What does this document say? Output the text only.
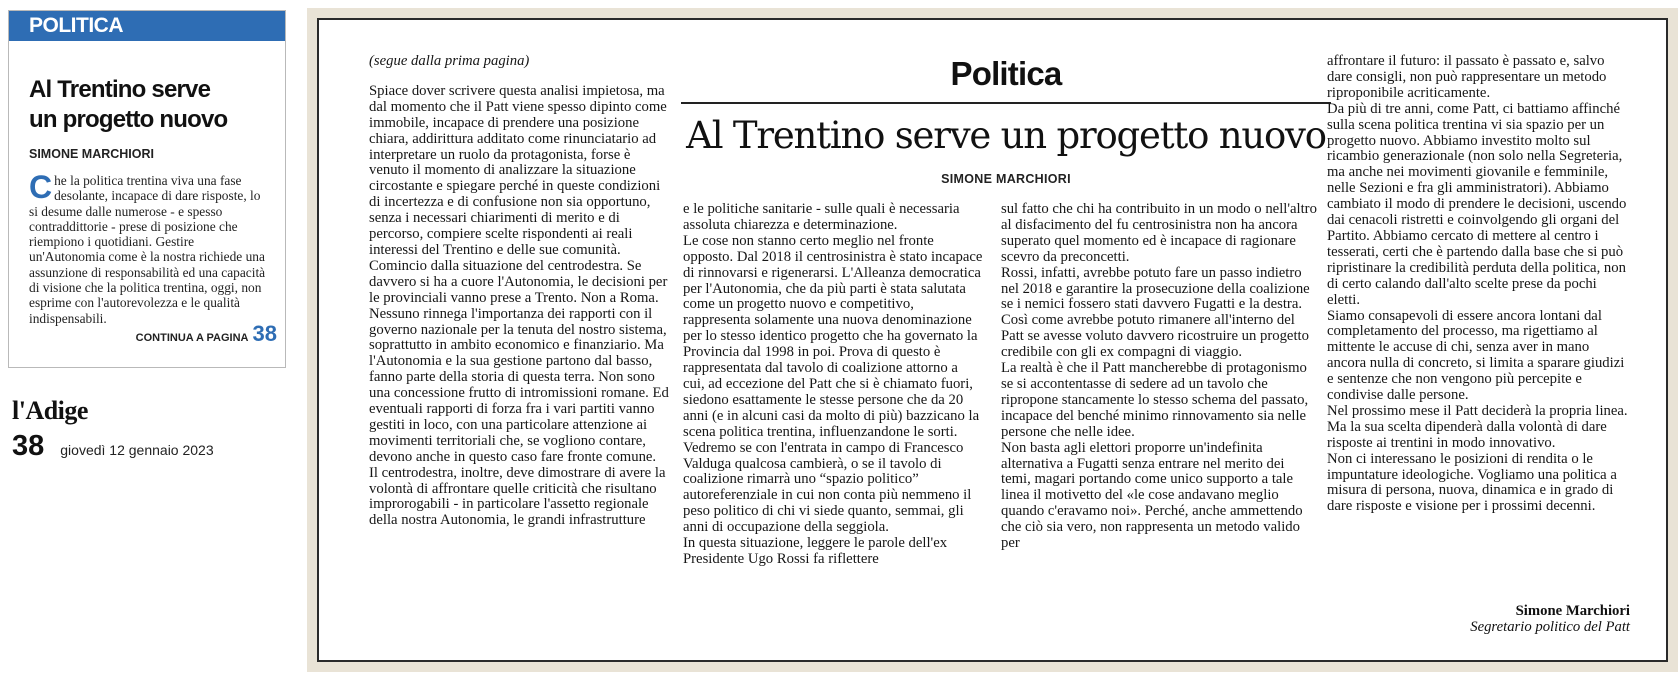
POLITICA
Al Trentino serve
un progetto nuovo
SIMONE MARCHIORI
Che la politica trentina viva una fase desolante, incapace di dare risposte, lo si desume dalle numerose - e spesso contraddittorie - prese di posizione che riempiono i quotidiani. Gestire un'Autonomia come è la nostra richiede una assunzione di responsabilità ed una capacità di visione che la politica trentina, oggi, non esprime con l'autorevolezza e le qualità indispensabili.
CONTINUA A PAGINA 38
l'Adige
38 giovedì 12 gennaio 2023

(segue dalla prima pagina)

Spiace dover scrivere questa analisi impietosa, ma dal momento che il Patt viene spesso dipinto come immobile, incapace di prendere una posizione chiara, addirittura additato come rinunciatario ad interpretare un ruolo da protagonista, forse è venuto il momento di analizzare la situazione circostante e spiegare perché in queste condizioni di incertezza e di confusione non sia opportuno, senza i necessari chiarimenti di merito e di percorso, compiere scelte rispondenti ai reali interessi del Trentino e delle sue comunità.

Comincio dalla situazione del centrodestra. Se davvero si ha a cuore l'Autonomia, le decisioni per le provinciali vanno prese a Trento. Non a Roma. Nessuno rinnega l'importanza dei rapporti con il governo nazionale per la tenuta del nostro sistema, soprattutto in ambito economico e finanziario. Ma l'Autonomia e la sua gestione partono dal basso, fanno parte della storia di questa terra. Non sono una concessione frutto di intromissioni romane. Ed eventuali rapporti di forza fra i vari partiti vanno gestiti in loco, con una particolare attenzione ai movimenti territoriali che, se vogliono contare, devono anche in questo caso fare fronte comune.

Il centrodestra, inoltre, deve dimostrare di avere la volontà di affrontare quelle criticità che risultano improrogabili - in particolare l'assetto regionale della nostra Autonomia, le grandi infrastrutture

Politica
Al Trentino serve un progetto nuovo
SIMONE MARCHIORI

e le politiche sanitarie - sulle quali è necessaria assoluta chiarezza e determinazione.

Le cose non stanno certo meglio nel fronte opposto. Dal 2018 il centrosinistra è stato incapace di rinnovarsi e rigenerarsi. L'Alleanza democratica per l'Autonomia, che da più parti è stata salutata come un progetto nuovo e competitivo, rappresenta solamente una nuova denominazione per lo stesso identico progetto che ha governato la Provincia dal 1998 in poi. Prova di questo è rappresentata dal tavolo di coalizione attorno a cui, ad eccezione del Patt che si è chiamato fuori, siedono esattamente le stesse persone che da 20 anni (e in alcuni casi da molto di più) bazzicano la scena politica trentina, influenzandone le sorti. Vedremo se con l'entrata in campo di Francesco Valduga qualcosa cambierà, o se il tavolo di coalizione rimarrà uno “spazio politico” autoreferenziale in cui non conta più nemmeno il peso politico di chi vi siede quanto, semmai, gli anni di occupazione della seggiola.

In questa situazione, leggere le parole dell'ex Presidente Ugo Rossi fa riflettere

sul fatto che chi ha contribuito in un modo o nell'altro al disfacimento del fu centrosinistra non ha ancora superato quel momento ed è incapace di ragionare scevro da preconcetti.

Rossi, infatti, avrebbe potuto fare un passo indietro nel 2018 e garantire la prosecuzione della coalizione se i nemici fossero stati davvero Fugatti e la destra. Così come avrebbe potuto rimanere all'interno del Patt se avesse voluto davvero ricostruire un progetto credibile con gli ex compagni di viaggio.

La realtà è che il Patt mancherebbe di protagonismo se si accontentasse di sedere ad un tavolo che ripropone stancamente lo stesso schema del passato, incapace del benché minimo rinnovamento sia nelle persone che nelle idee.

Non basta agli elettori proporre un'indefinita alternativa a Fugatti senza entrare nel merito dei temi, magari portando come unico supporto a tale linea il motivetto del «le cose andavano meglio quando c'eravamo noi». Perché, anche ammettendo che ciò sia vero, non rappresenta un metodo valido per

affrontare il futuro: il passato è passato e, salvo dare consigli, non può rappresentare un metodo riproponibile acriticamente.

Da più di tre anni, come Patt, ci battiamo affinché sulla scena politica trentina vi sia spazio per un progetto nuovo. Abbiamo investito molto sul ricambio generazionale (non solo nella Segreteria, ma anche nei movimenti giovanile e femminile, nelle Sezioni e fra gli amministratori). Abbiamo cambiato il modo di prendere le decisioni, uscendo dai cenacoli ristretti e coinvolgendo gli organi del Partito. Abbiamo cercato di mettere al centro i tesserati, certi che è partendo dalla base che si può ripristinare la credibilità perduta della politica, non di certo calando dall'alto scelte prese da pochi eletti.

Siamo consapevoli di essere ancora lontani dal completamento del processo, ma rigettiamo al mittente le accuse di chi, senza aver in mano ancora nulla di concreto, si limita a sparare giudizi e sentenze che non vengono più percepite e condivise dalle persone.

Nel prossimo mese il Patt deciderà la propria linea. Ma la sua scelta dipenderà dalla volontà di dare risposte ai trentini in modo innovativo.

Non ci interessano le posizioni di rendita o le impuntature ideologiche. Vogliamo una politica a misura di persona, nuova, dinamica e in grado di dare risposte e visione per i prossimi decenni.

Simone Marchiori
Segretario politico del Patt
